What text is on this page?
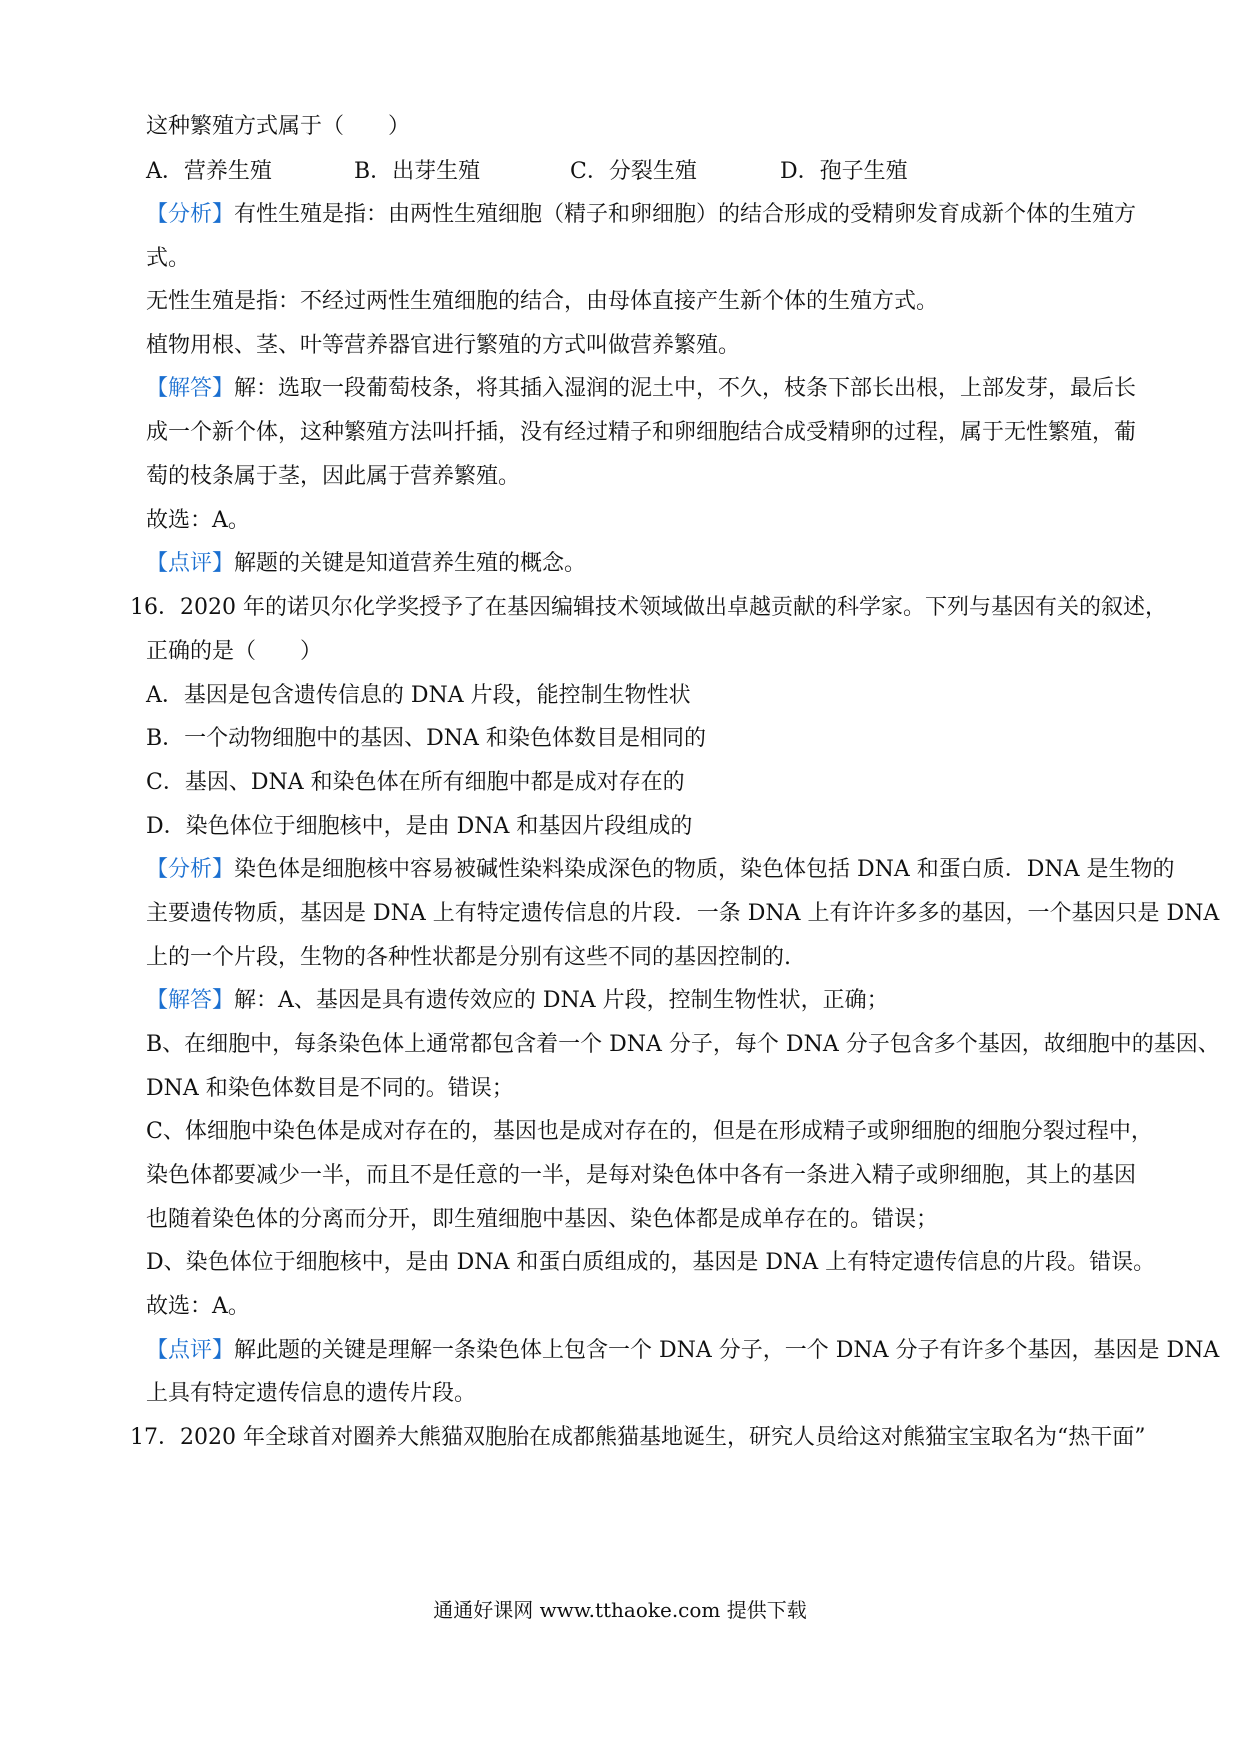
这种繁殖方式属于（　　）
A．营养生殖	B．出芽生殖	C．分裂生殖	D．孢子生殖
【分析】有性生殖是指：由两性生殖细胞（精子和卵细胞）的结合形成的受精卵发育成新个体的生殖方
式。
无性生殖是指：不经过两性生殖细胞的结合，由母体直接产生新个体的生殖方式。
植物用根、茎、叶等营养器官进行繁殖的方式叫做营养繁殖。
【解答】解：选取一段葡萄枝条，将其插入湿润的泥土中，不久，枝条下部长出根，上部发芽，最后长
成一个新个体，这种繁殖方法叫扦插，没有经过精子和卵细胞结合成受精卵的过程，属于无性繁殖，葡
萄的枝条属于茎，因此属于营养繁殖。
故选：A。
【点评】解题的关键是知道营养生殖的概念。
16．2020 年的诺贝尔化学奖授予了在基因编辑技术领域做出卓越贡献的科学家。下列与基因有关的叙述，
正确的是（　　）
A．基因是包含遗传信息的 DNA 片段，能控制生物性状
B．一个动物细胞中的基因、DNA 和染色体数目是相同的
C．基因、DNA 和染色体在所有细胞中都是成对存在的
D．染色体位于细胞核中，是由 DNA 和基因片段组成的
【分析】染色体是细胞核中容易被碱性染料染成深色的物质，染色体包括 DNA 和蛋白质．DNA 是生物的
主要遗传物质，基因是 DNA 上有特定遗传信息的片段．一条 DNA 上有许许多多的基因，一个基因只是 DNA
上的一个片段，生物的各种性状都是分别有这些不同的基因控制的.
【解答】解：A、基因是具有遗传效应的 DNA 片段，控制生物性状，正确；
B、在细胞中，每条染色体上通常都包含着一个 DNA 分子，每个 DNA 分子包含多个基因，故细胞中的基因、
DNA 和染色体数目是不同的。错误；
C、体细胞中染色体是成对存在的，基因也是成对存在的，但是在形成精子或卵细胞的细胞分裂过程中，
染色体都要减少一半，而且不是任意的一半，是每对染色体中各有一条进入精子或卵细胞，其上的基因
也随着染色体的分离而分开，即生殖细胞中基因、染色体都是成单存在的。错误；
D、染色体位于细胞核中，是由 DNA 和蛋白质组成的，基因是 DNA 上有特定遗传信息的片段。错误。
故选：A。
【点评】解此题的关键是理解一条染色体上包含一个 DNA 分子，一个 DNA 分子有许多个基因，基因是 DNA
上具有特定遗传信息的遗传片段。
17．2020 年全球首对圈养大熊猫双胞胎在成都熊猫基地诞生，研究人员给这对熊猫宝宝取名为“热干面”
通通好课网 www.tthaoke.com 提供下载
